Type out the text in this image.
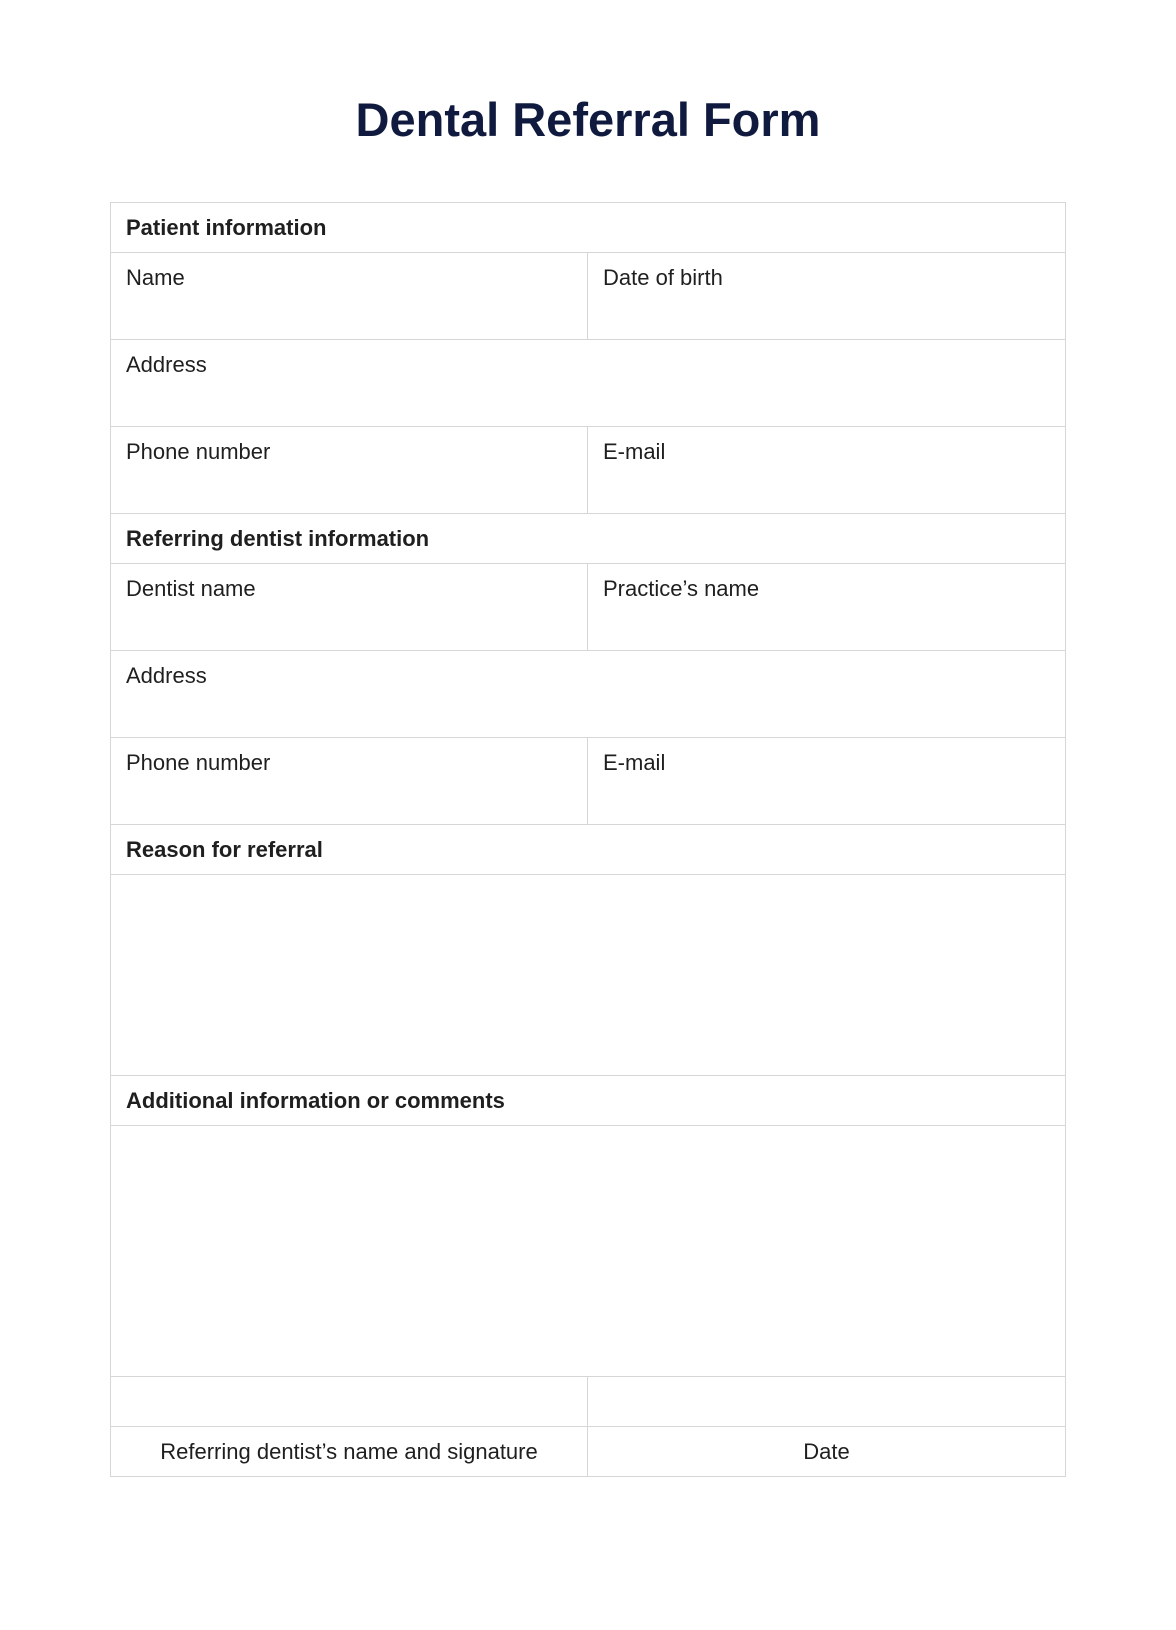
Dental Referral Form
Patient information	

Name	Date of birth

Address	

Phone number	E-mail

Referring dentist information	

Dentist name	Practice’s name

Address	

Phone number	E-mail

Reason for referral	

Additional information or comments	

Referring dentist’s name and signature	Date
